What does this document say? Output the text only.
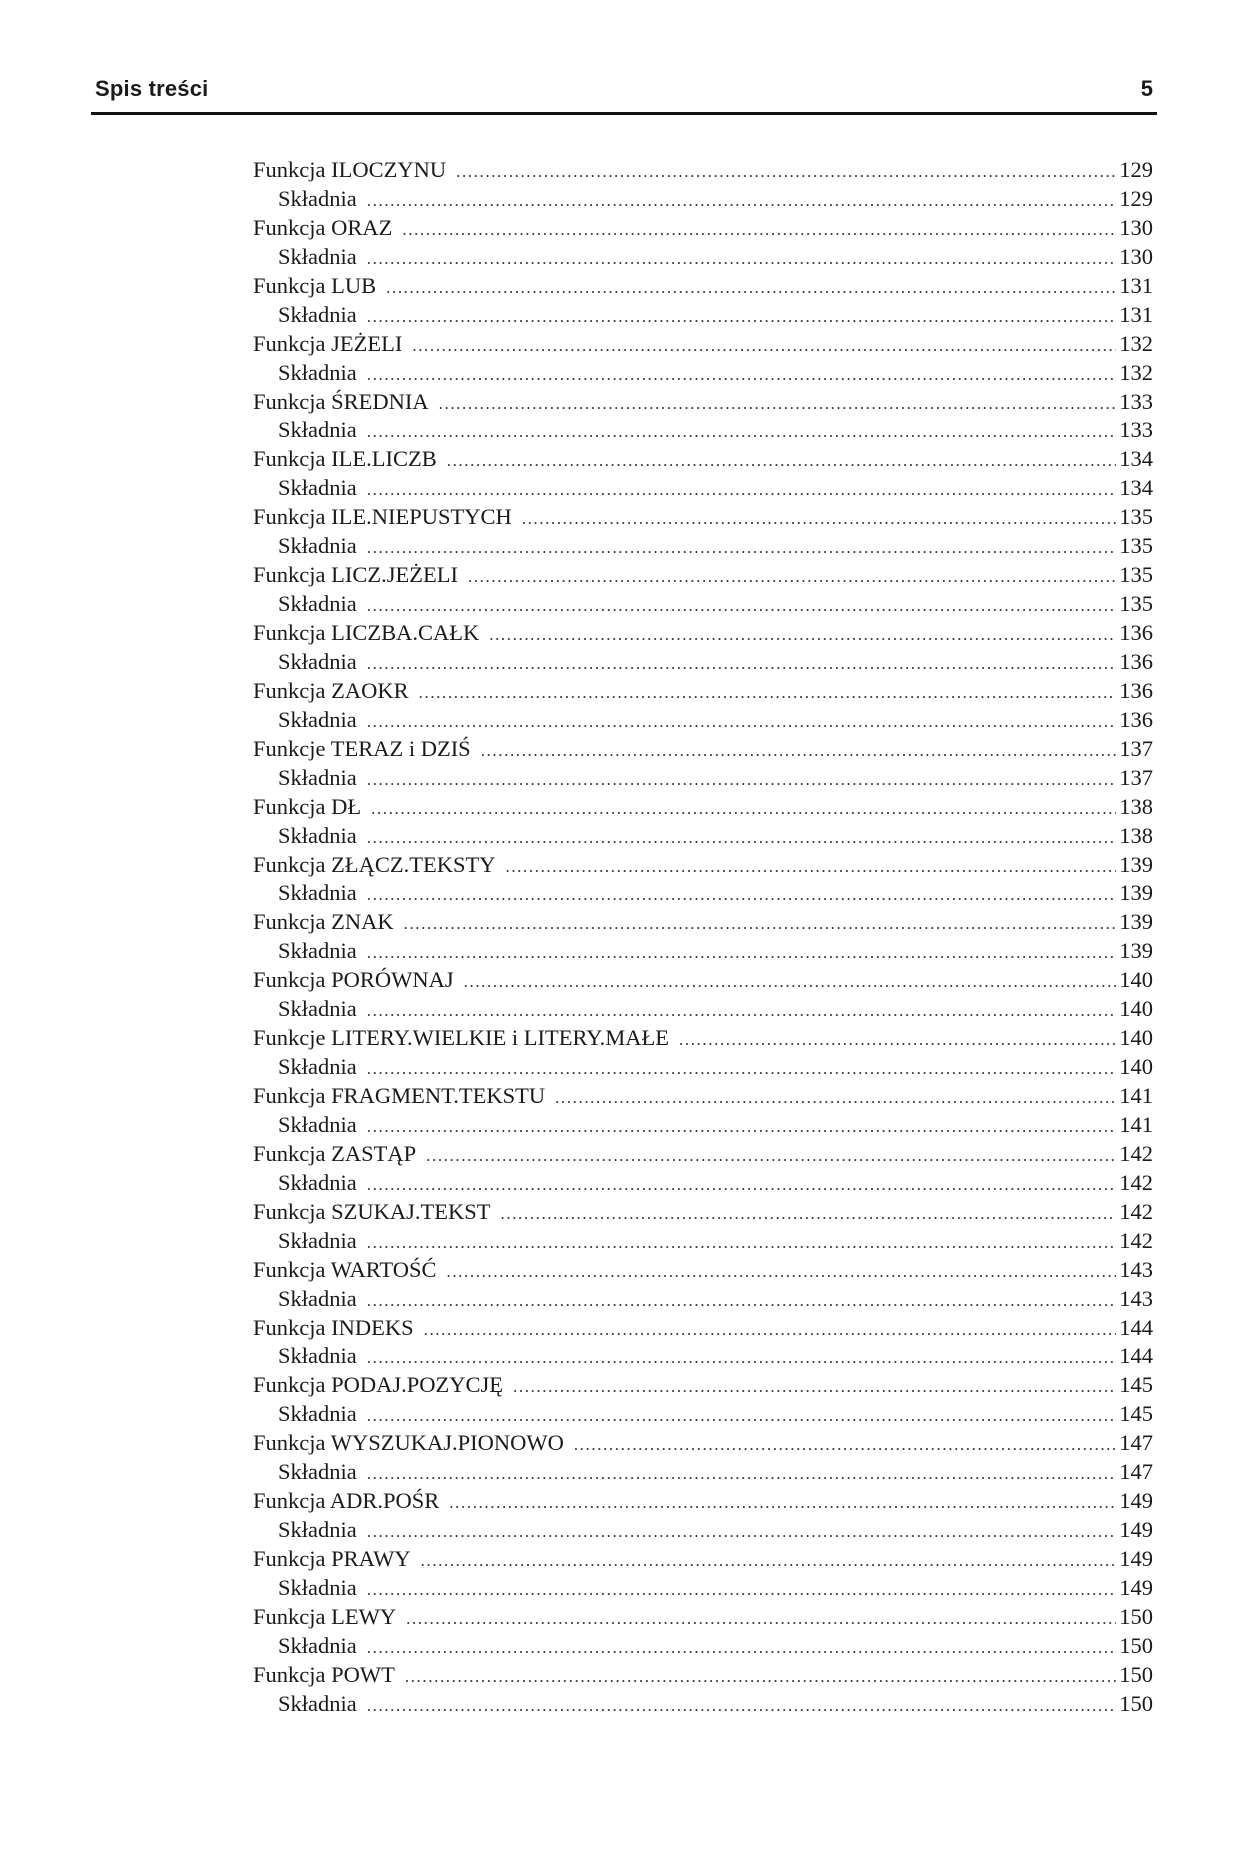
Spis treści	5
Funkcja ILOCZYNU .....	129
Składnia .....	129
Funkcja ORAZ .....	130
Składnia .....	130
Funkcja LUB .....	131
Składnia .....	131
Funkcja JEŻELI .....	132
Składnia .....	132
Funkcja ŚREDNIA .....	133
Składnia .....	133
Funkcja ILE.LICZB .....	134
Składnia .....	134
Funkcja ILE.NIEPUSTYCH .....	135
Składnia .....	135
Funkcja LICZ.JEŻELI .....	135
Składnia .....	135
Funkcja LICZBA.CAŁK .....	136
Składnia .....	136
Funkcja ZAOKR .....	136
Składnia .....	136
Funkcje TERAZ i DZIŚ .....	137
Składnia .....	137
Funkcja DŁ .....	138
Składnia .....	138
Funkcja ZŁĄCZ.TEKSTY .....	139
Składnia .....	139
Funkcja ZNAK .....	139
Składnia .....	139
Funkcja PORÓWNAJ .....	140
Składnia .....	140
Funkcje LITERY.WIELKIE i LITERY.MAŁE .....	140
Składnia .....	140
Funkcja FRAGMENT.TEKSTU .....	141
Składnia .....	141
Funkcja ZASTĄP .....	142
Składnia .....	142
Funkcja SZUKAJ.TEKST .....	142
Składnia .....	142
Funkcja WARTOŚĆ .....	143
Składnia .....	143
Funkcja INDEKS .....	144
Składnia .....	144
Funkcja PODAJ.POZYCJĘ .....	145
Składnia .....	145
Funkcja WYSZUKAJ.PIONOWO .....	147
Składnia .....	147
Funkcja ADR.POŚR .....	149
Składnia .....	149
Funkcja PRAWY .....	149
Składnia .....	149
Funkcja LEWY .....	150
Składnia .....	150
Funkcja POWT .....	150
Składnia .....	150
